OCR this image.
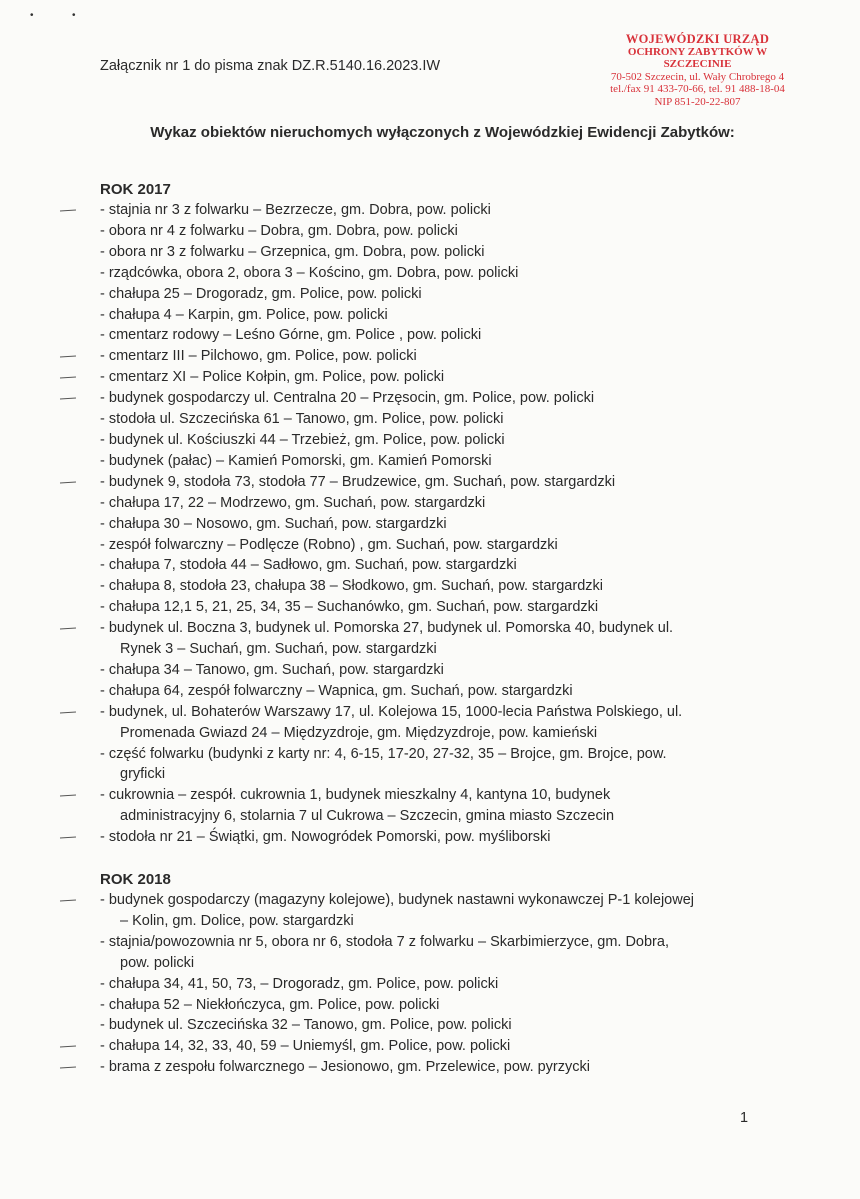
•	•
Załącznik nr 1 do pisma znak DZ.R.5140.16.2023.IW
WOJEWÓDZKI URZĄD
OCHRONY ZABYTKÓW W SZCZECINIE
70-502 Szczecin, ul. Wały Chrobrego 4
tel./fax 91 433-70-66, tel. 91 488-18-04
NIP 851-20-22-807
Wykaz obiektów nieruchomych wyłączonych z Wojewódzkiej Ewidencji Zabytków:
ROK 2017
- stajnia nr 3 z folwarku – Bezrzecze, gm. Dobra, pow. policki
- obora nr 4 z folwarku – Dobra, gm. Dobra, pow. policki
- obora nr 3 z folwarku – Grzepnica, gm. Dobra, pow. policki
- rządcówka, obora 2, obora 3 – Kościno, gm. Dobra, pow. policki
- chałupa 25 – Drogoradz, gm. Police, pow. policki
- chałupa 4 – Karpin, gm. Police, pow. policki
- cmentarz rodowy – Leśno Górne, gm. Police , pow. policki
- cmentarz III – Pilchowo, gm. Police, pow. policki
- cmentarz XI – Police Kołpin, gm. Police, pow. policki
- budynek gospodarczy ul. Centralna 20 – Przęsocin, gm. Police, pow. policki
- stodoła ul. Szczecińska 61 – Tanowo, gm. Police, pow. policki
- budynek ul. Kościuszki 44 – Trzebież, gm. Police, pow. policki
- budynek (pałac) – Kamień Pomorski, gm. Kamień Pomorski
- budynek 9, stodoła 73, stodoła 77 – Brudzewice, gm. Suchań, pow. stargardzki
- chałupa 17, 22 – Modrzewo, gm. Suchań, pow. stargardzki
- chałupa 30 – Nosowo, gm. Suchań, pow. stargardzki
- zespół folwarczny – Podlęcze (Robno) , gm. Suchań, pow. stargardzki
- chałupa 7, stodoła 44 – Sadłowo, gm. Suchań, pow. stargardzki
- chałupa 8, stodoła 23, chałupa 38 – Słodkowo, gm. Suchań, pow. stargardzki
- chałupa 12,1 5, 21, 25, 34, 35 – Suchanówko, gm. Suchań, pow. stargardzki
- budynek ul. Boczna 3, budynek ul. Pomorska 27, budynek ul. Pomorska 40, budynek ul.
Rynek 3 – Suchań, gm. Suchań, pow. stargardzki
- chałupa 34 – Tanowo, gm. Suchań, pow. stargardzki
- chałupa 64, zespół folwarczny – Wapnica, gm. Suchań, pow. stargardzki
- budynek, ul. Bohaterów Warszawy 17, ul. Kolejowa 15, 1000-lecia Państwa Polskiego, ul.
Promenada Gwiazd 24 – Międzyzdroje, gm. Międzyzdroje, pow. kamieński
- część folwarku (budynki z karty nr: 4, 6-15, 17-20, 27-32, 35 – Brojce, gm. Brojce, pow.
gryficki
- cukrownia – zespół. cukrownia 1, budynek mieszkalny 4, kantyna 10, budynek
administracyjny 6, stolarnia 7 ul Cukrowa – Szczecin, gmina miasto Szczecin
- stodoła nr 21 – Świątki, gm. Nowogródek Pomorski, pow. myśliborski
ROK 2018
- budynek gospodarczy (magazyny kolejowe), budynek nastawni wykonawczej P-1 kolejowej
– Kolin, gm. Dolice, pow. stargardzki
- stajnia/powozownia nr 5, obora nr 6, stodoła 7 z folwarku – Skarbimierzyce, gm. Dobra,
pow. policki
- chałupa 34, 41, 50, 73, – Drogoradz, gm. Police, pow. policki
- chałupa 52 – Niekłończyca, gm. Police, pow. policki
- budynek ul. Szczecińska 32 – Tanowo, gm. Police, pow. policki
- chałupa 14, 32, 33, 40, 59 – Uniemyśl, gm. Police, pow. policki
- brama z zespołu folwarcznego – Jesionowo, gm. Przelewice, pow. pyrzycki
1
